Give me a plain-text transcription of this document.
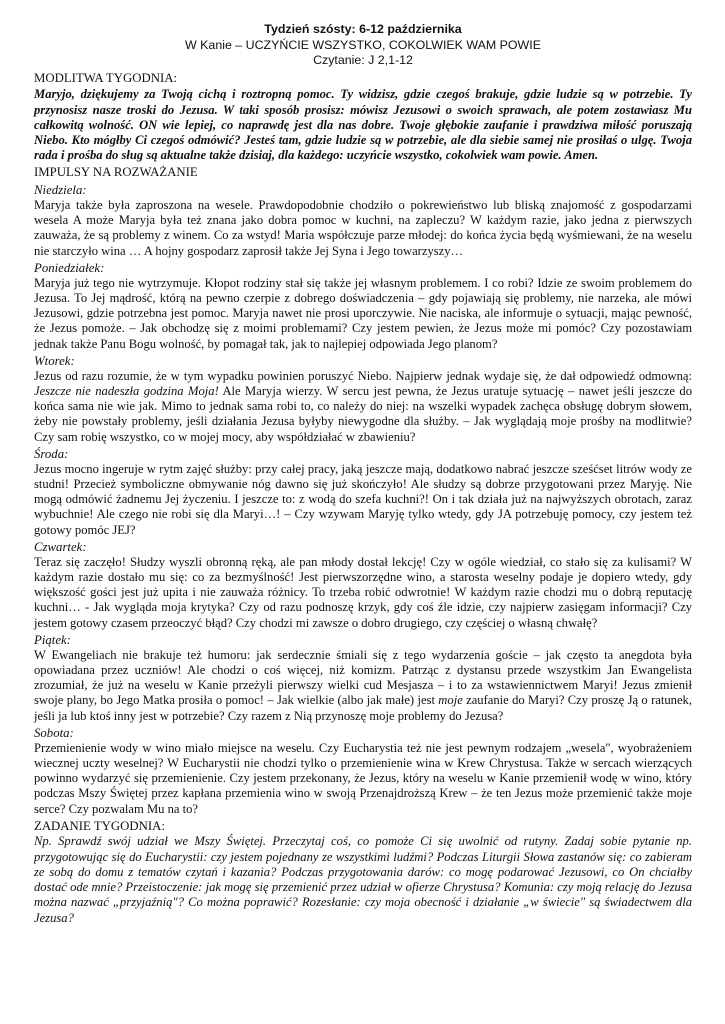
Tydzień szósty: 6-12 października
W Kanie – UCZYŃCIE WSZYSTKO, COKOLWIEK WAM POWIE
Czytanie: J 2,1-12
MODLITWA TYGODNIA:
Maryjo, dziękujemy za Twoją cichą i roztropną pomoc. Ty widzisz, gdzie czegoś brakuje, gdzie ludzie są w potrzebie. Ty przynosisz nasze troski do Jezusa. W taki sposób prosisz: mówisz Jezusowi o swoich sprawach, ale potem zostawiasz Mu całkowitą wolność. ON wie lepiej, co naprawdę jest dla nas dobre. Twoje głębokie zaufanie i prawdziwa miłość poruszają Niebo. Kto mógłby Ci czegoś odmówić? Jesteś tam, gdzie ludzie są w potrzebie, ale dla siebie samej nie prosiłaś o ulgę. Twoja rada i prośba do sług są aktualne także dzisiaj, dla każdego: uczyńcie wszystko, cokolwiek wam powie. Amen.
IMPULSY NA ROZWAŻANIE
Niedziela:
Maryja także była zaproszona na wesele. Prawdopodobnie chodziło o pokrewieństwo lub bliską znajomość z gospodarzami wesela A może Maryja była też znana jako dobra pomoc w kuchni, na zapleczu? W każdym razie, jako jedna z pierwszych zauważa, że są problemy z winem. Co za wstyd! Maria współczuje parze młodej: do końca życia będą wyśmiewani, że na weselu nie starczyło wina … A hojny gospodarz zaprosił także Jej Syna i Jego towarzyszy…
Poniedziałek:
Maryja już tego nie wytrzymuje. Kłopot rodziny stał się także jej własnym problemem. I co robi? Idzie ze swoim problemem do Jezusa. To Jej mądrość, którą na pewno czerpie z dobrego doświadczenia – gdy pojawiają się problemy, nie narzeka, ale mówi Jezusowi, gdzie potrzebna jest pomoc. Maryja nawet nie prosi uporczywie. Nie naciska, ale informuje o sytuacji, mając pewność, że Jezus pomoże. – Jak obchodzę się z moimi problemami? Czy jestem pewien, że Jezus może mi pomóc? Czy pozostawiam jednak także Panu Bogu wolność, by pomagał tak, jak to najlepiej odpowiada Jego planom?
Wtorek:
Jezus od razu rozumie, że w tym wypadku powinien poruszyć Niebo. Najpierw jednak wydaje się, że dał odpowiedź odmowną: Jeszcze nie nadeszła godzina Moja! Ale Maryja wierzy. W sercu jest pewna, że Jezus uratuje sytuację – nawet jeśli jeszcze do końca sama nie wie jak. Mimo to jednak sama robi to, co należy do niej: na wszelki wypadek zachęca obsługę dobrym słowem, żeby nie powstały problemy, jeśli działania Jezusa byłyby niewygodne dla służby. – Jak wyglądają moje prośby na modlitwie? Czy sam robię wszystko, co w mojej mocy, aby współdziałać w zbawieniu?
Środa:
Jezus mocno ingeruje w rytm zajęć służby: przy całej pracy, jaką jeszcze mają, dodatkowo nabrać jeszcze sześćset litrów wody ze studni! Przecież symboliczne obmywanie nóg dawno się już skończyło! Ale słudzy są dobrze przygotowani przez Maryję. Nie mogą odmówić żadnemu Jej życzeniu. I jeszcze to: z wodą do szefa kuchni?! On i tak działa już na najwyższych obrotach, zaraz wybuchnie! Ale czego nie robi się dla Maryi…! – Czy wzywam Maryję tylko wtedy, gdy JA potrzebuję pomocy, czy jestem też gotowy pomóc JEJ?
Czwartek:
Teraz się zaczęło! Słudzy wyszli obronną ręką, ale pan młody dostał lekcję! Czy w ogóle wiedział, co stało się za kulisami? W każdym razie dostało mu się: co za bezmyślność! Jest pierwszorzędne wino, a starosta weselny podaje je dopiero wtedy, gdy większość gości jest już upita i nie zauważa różnicy. To trzeba robić odwrotnie! W każdym razie chodzi mu o dobrą reputację kuchni… - Jak wygląda moja krytyka? Czy od razu podnoszę krzyk, gdy coś źle idzie, czy najpierw zasięgam informacji? Czy jestem gotowy czasem przeoczyć błąd? Czy chodzi mi zawsze o dobro drugiego, czy częściej o własną chwałę?
Piątek:
W Ewangeliach nie brakuje też humoru: jak serdecznie śmiali się z tego wydarzenia goście – jak często ta anegdota była opowiadana przez uczniów! Ale chodzi o coś więcej, niż komizm. Patrząc z dystansu przede wszystkim Jan Ewangelista zrozumiał, że już na weselu w Kanie przeżyli pierwszy wielki cud Mesjasza – i to za wstawiennictwem Maryi! Jezus zmienił swoje plany, bo Jego Matka prosiła o pomoc! – Jak wielkie (albo jak małe) jest moje zaufanie do Maryi? Czy proszę Ją o ratunek, jeśli ja lub ktoś inny jest w potrzebie? Czy razem z Nią przynoszę moje problemy do Jezusa?
Sobota:
Przemienienie wody w wino miało miejsce na weselu. Czy Eucharystia też nie jest pewnym rodzajem „wesela", wyobrażeniem wiecznej uczty weselnej? W Eucharystii nie chodzi tylko o przemienienie wina w Krew Chrystusa. Także w sercach wierzących powinno wydarzyć się przemienienie. Czy jestem przekonany, że Jezus, który na weselu w Kanie przemienił wodę w wino, który podczas Mszy Świętej przez kapłana przemienia wino w swoją Przenajdroższą Krew – że ten Jezus może przemienić także moje serce? Czy pozwalam Mu na to?
ZADANIE TYGODNIA:
Np. Sprawdź swój udział we Mszy Świętej. Przeczytaj coś, co pomoże Ci się uwolnić od rutyny. Zadaj sobie pytanie np. przygotowując się do Eucharystii: czy jestem pojednany ze wszystkimi ludźmi? Podczas Liturgii Słowa zastanów się: co zabieram ze sobą do domu z tematów czytań i kazania? Podczas przygotowania darów: co mogę podarować Jezusowi, co On chciałby dostać ode mnie? Przeistoczenie: jak mogę się przemienić przez udział w ofierze Chrystusa? Komunia: czy moją relację do Jezusa można nazwać „przyjaźnią"? Co można poprawić? Rozesłanie: czy moja obecność i działanie „w świecie" są świadectwem dla Jezusa?
